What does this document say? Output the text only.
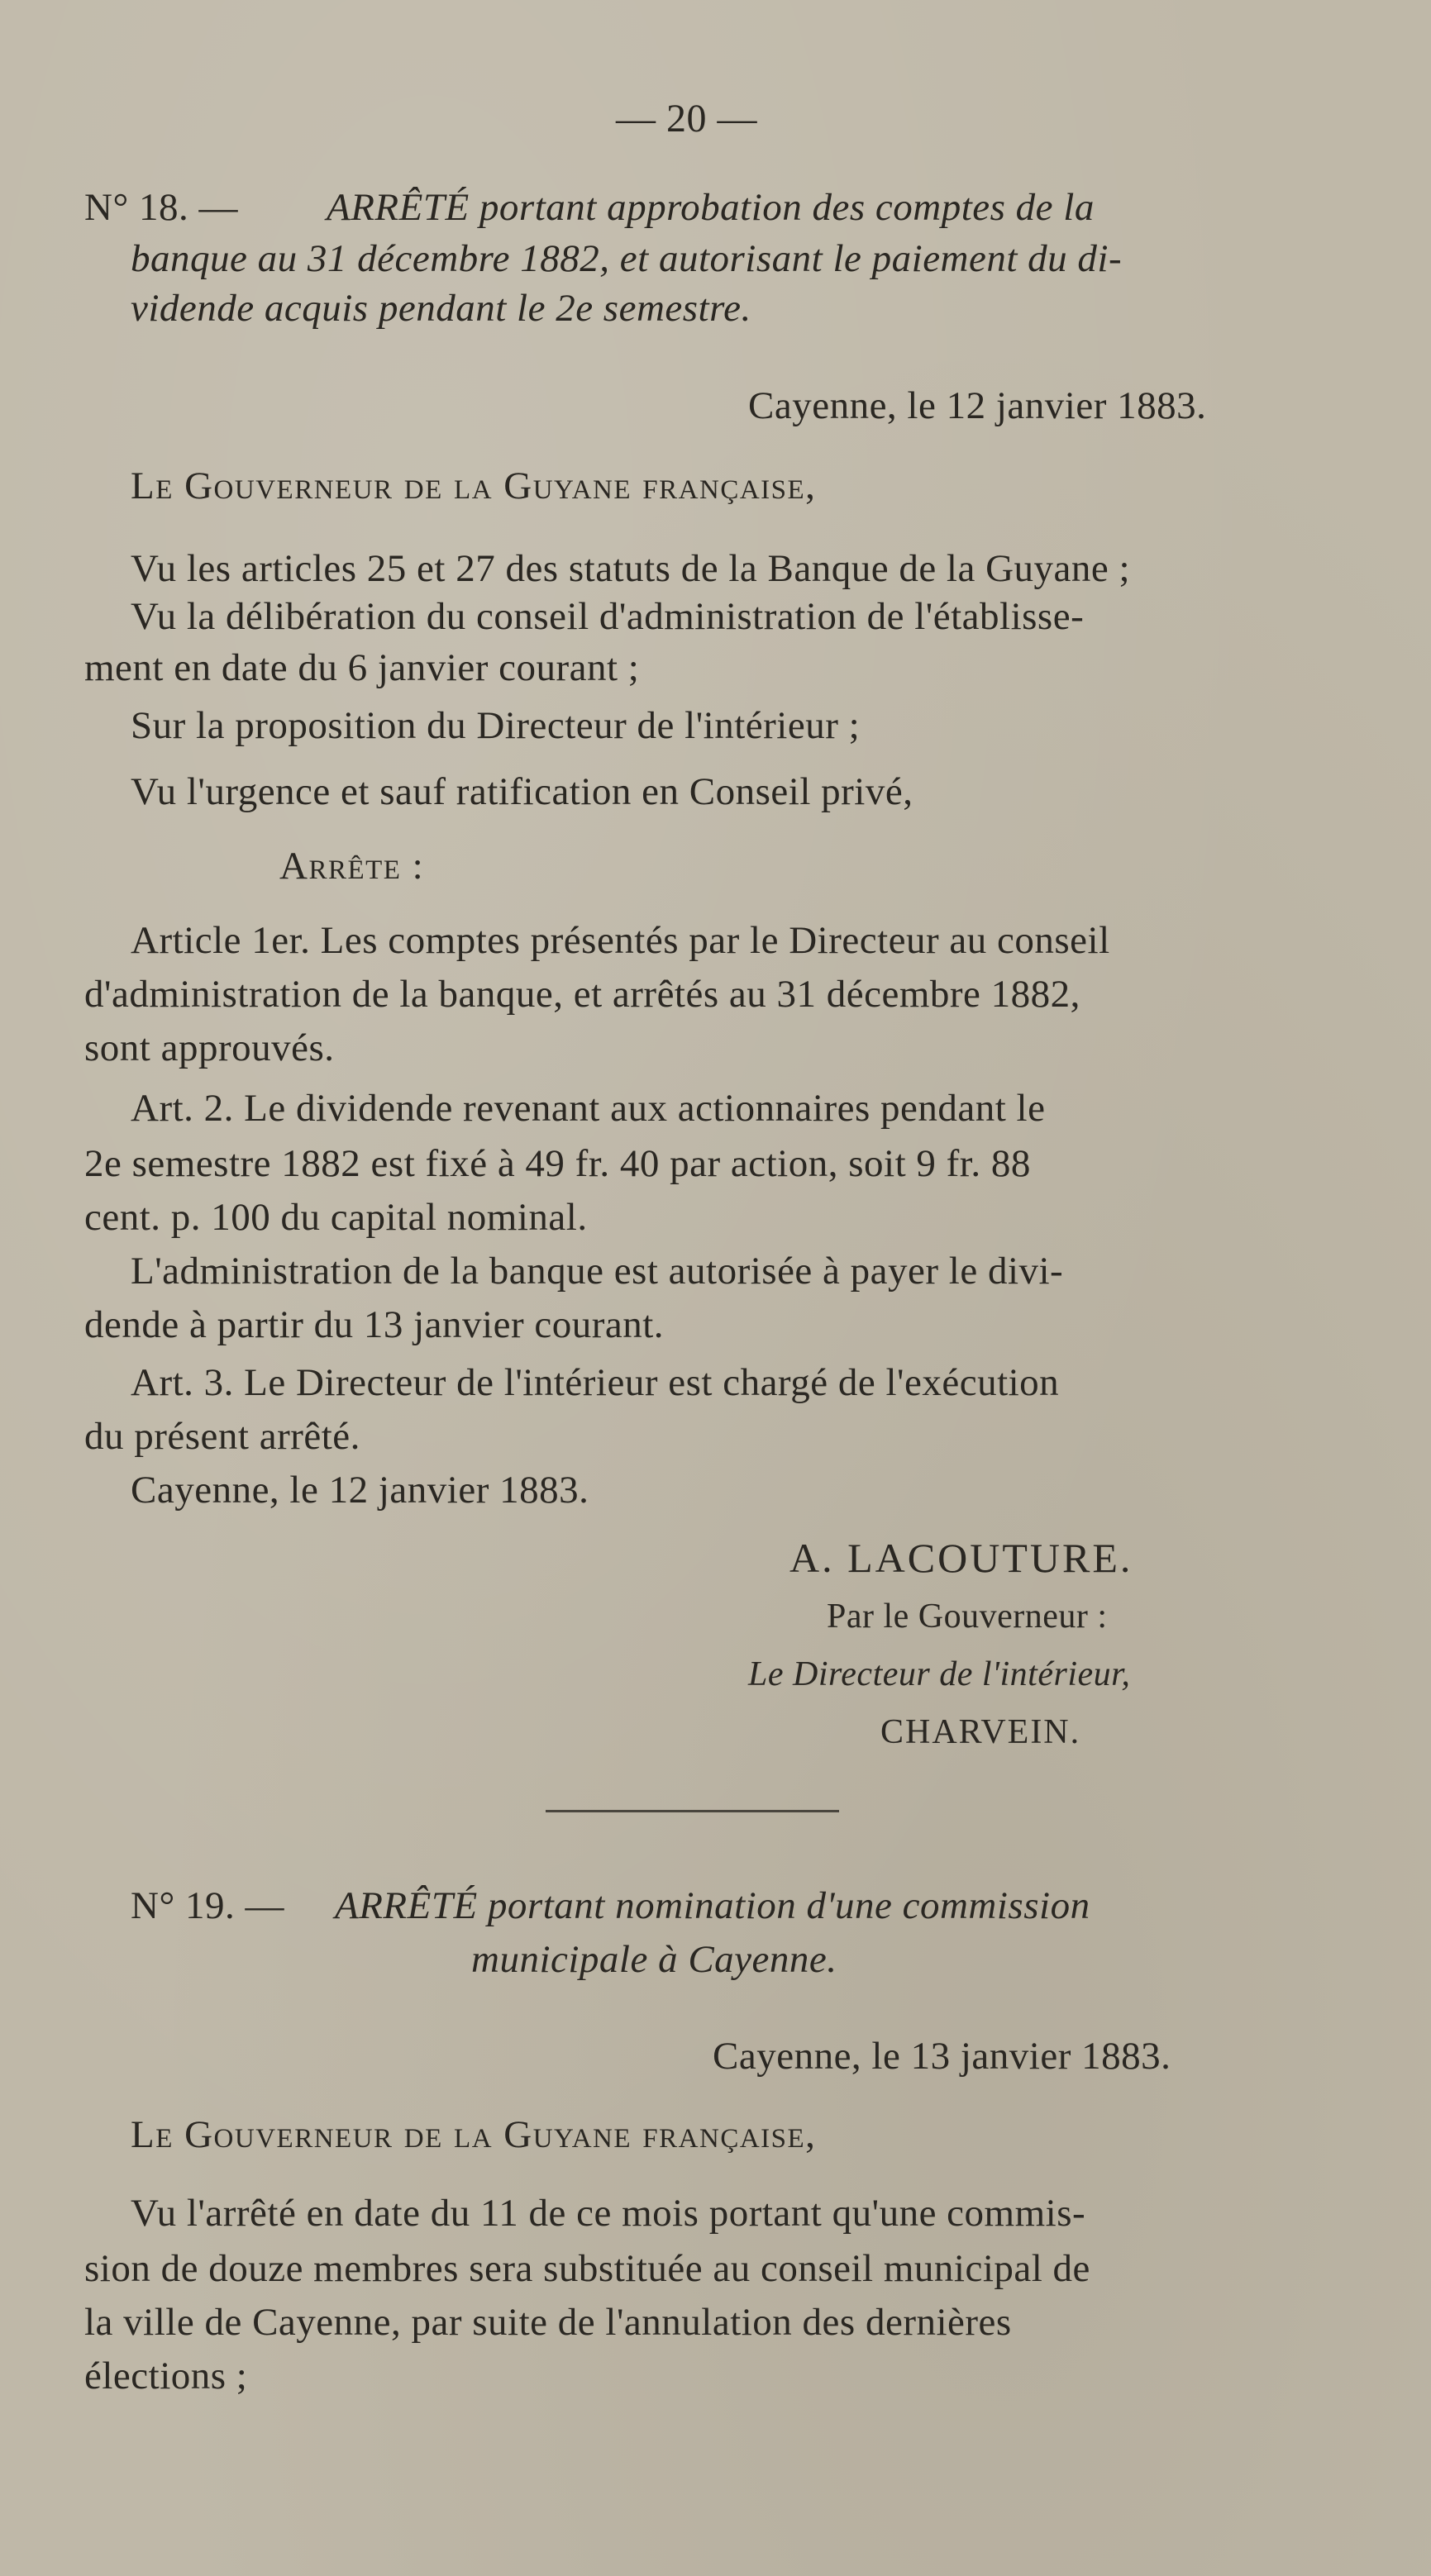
— 20 —
N° 18. — ARRÊTÉ portant approbation des comptes de la
banque au 31 décembre 1882, et autorisant le paiement du di-
vidende acquis pendant le 2e semestre.
Cayenne, le 12 janvier 1883.
Le Gouverneur de la Guyane française,
Vu les articles 25 et 27 des statuts de la Banque de la Guyane ;
Vu la délibération du conseil d'administration de l'établisse-
ment en date du 6 janvier courant ;
Sur la proposition du Directeur de l'intérieur ;
Vu l'urgence et sauf ratification en Conseil privé,
Arrête :
Article 1er. Les comptes présentés par le Directeur au conseil
d'administration de la banque, et arrêtés au 31 décembre 1882,
sont approuvés.
Art. 2. Le dividende revenant aux actionnaires pendant le
2e semestre 1882 est fixé à 49 fr. 40 par action, soit 9 fr. 88
cent. p. 100 du capital nominal.
L'administration de la banque est autorisée à payer le divi-
dende à partir du 13 janvier courant.
Art. 3. Le Directeur de l'intérieur est chargé de l'exécution
du présent arrêté.
Cayenne, le 12 janvier 1883.
A. LACOUTURE.
Par le Gouverneur :
Le Directeur de l'intérieur,
CHARVEIN.
N° 19. — ARRÊTÉ portant nomination d'une commission
municipale à Cayenne.
Cayenne, le 13 janvier 1883.
Le Gouverneur de la Guyane française,
Vu l'arrêté en date du 11 de ce mois portant qu'une commis-
sion de douze membres sera substituée au conseil municipal de
la ville de Cayenne, par suite de l'annulation des dernières
élections ;
